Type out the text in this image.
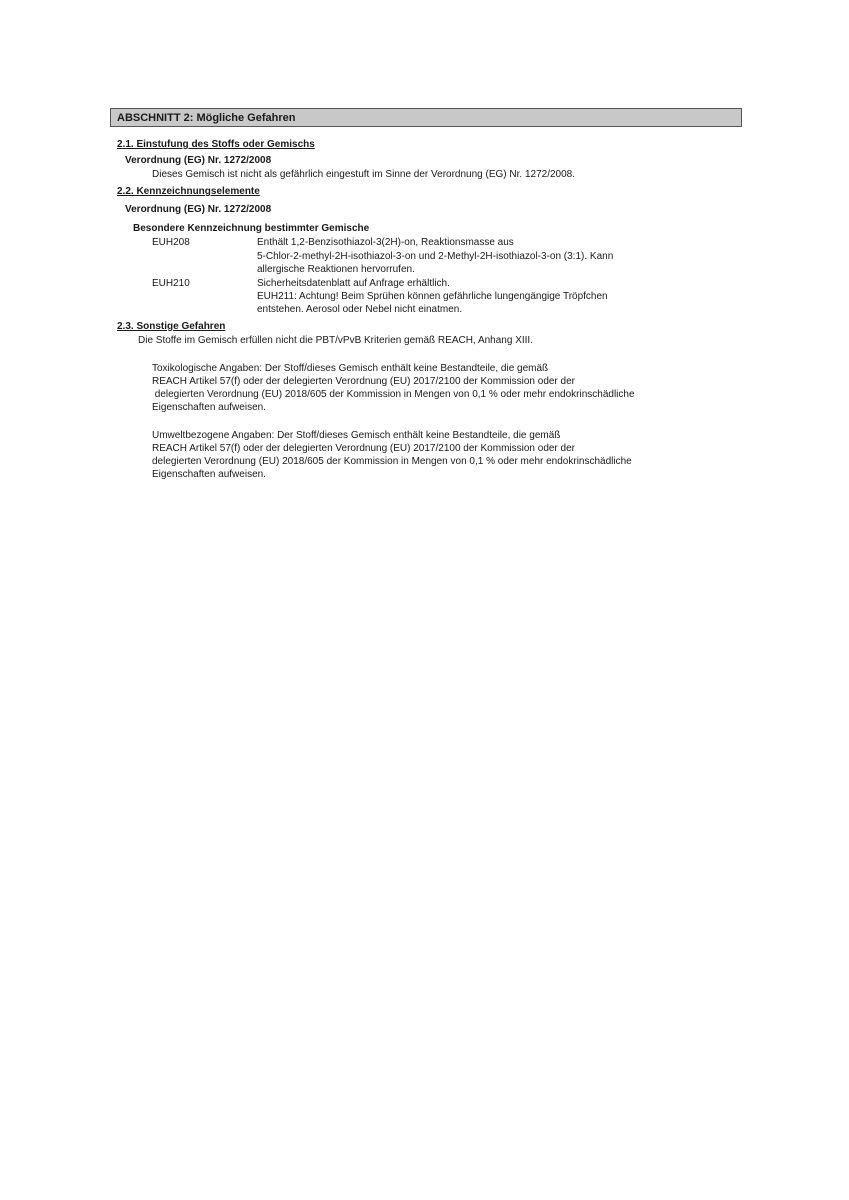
ABSCHNITT 2: Mögliche Gefahren
2.1. Einstufung des Stoffs oder Gemischs
Verordnung (EG) Nr. 1272/2008
Dieses Gemisch ist nicht als gefährlich eingestuft im Sinne der Verordnung (EG) Nr. 1272/2008.
2.2. Kennzeichnungselemente
Verordnung (EG) Nr. 1272/2008
Besondere Kennzeichnung bestimmter Gemische
EUH208	Enthält 1,2-Benzisothiazol-3(2H)-on, Reaktionsmasse aus
5-Chlor-2-methyl-2H-isothiazol-3-on und 2-Methyl-2H-isothiazol-3-on (3:1). Kann
allergische Reaktionen hervorrufen.
EUH210	Sicherheitsdatenblatt auf Anfrage erhältlich.
EUH211: Achtung! Beim Sprühen können gefährliche lungengängige Tröpfchen
entstehen. Aerosol oder Nebel nicht einatmen.
2.3. Sonstige Gefahren
Die Stoffe im Gemisch erfüllen nicht die PBT/vPvB Kriterien gemäß REACH, Anhang XIII.
Toxikologische Angaben: Der Stoff/dieses Gemisch enthält keine Bestandteile, die gemäß
REACH Artikel 57(f) oder der delegierten Verordnung (EU) 2017/2100 der Kommission oder der
delegierten Verordnung (EU) 2018/605 der Kommission in Mengen von 0,1 % oder mehr endokrinschädliche
Eigenschaften aufweisen.
Umweltbezogene Angaben: Der Stoff/dieses Gemisch enthält keine Bestandteile, die gemäß
REACH Artikel 57(f) oder der delegierten Verordnung (EU) 2017/2100 der Kommission oder der
delegierten Verordnung (EU) 2018/605 der Kommission in Mengen von 0,1 % oder mehr endokrinschädliche
Eigenschaften aufweisen.
